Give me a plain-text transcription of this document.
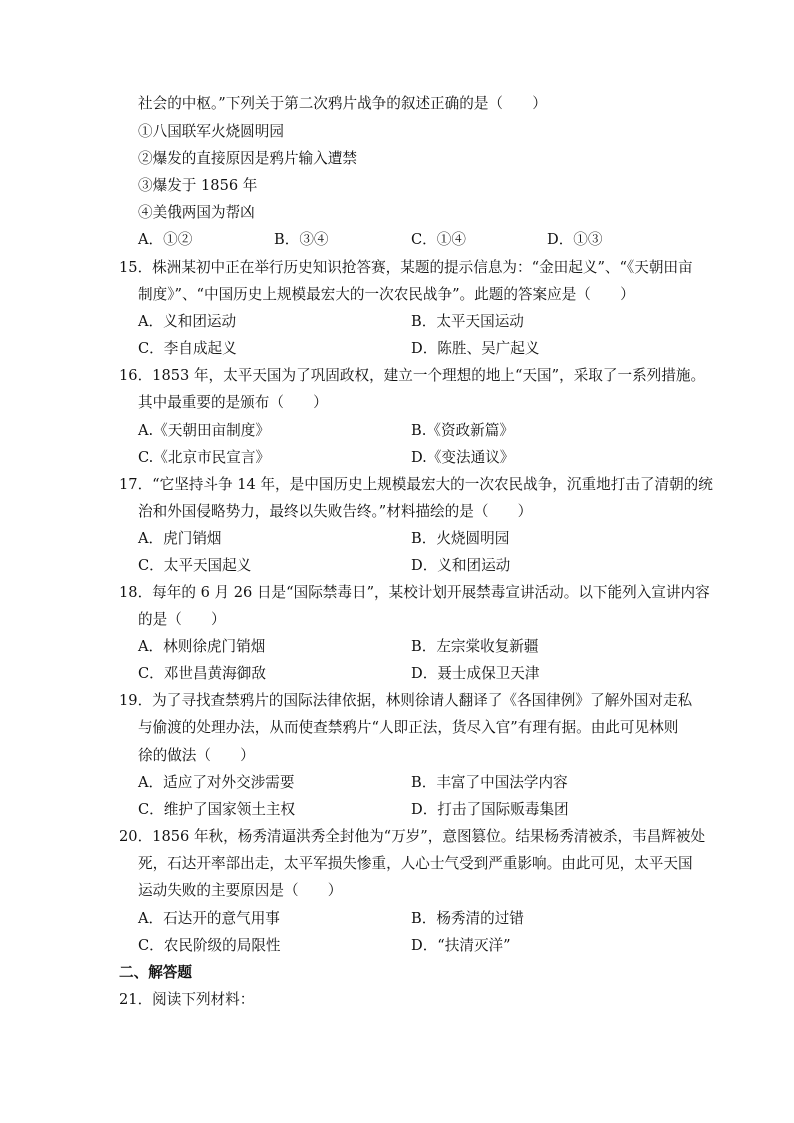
社会的中枢。”下列关于第二次鸦片战争的叙述正确的是（　　）
①八国联军火烧圆明园
②爆发的直接原因是鸦片输入遭禁
③爆发于 1856 年
④美俄两国为帮凶
A．①②	B．③④	C．①④	D．①③
15．株洲某初中正在举行历史知识抢答赛，某题的提示信息为：“金田起义”、“《天朝田亩
制度》”、“中国历史上规模最宏大的一次农民战争”。此题的答案应是（　　）
A．义和团运动	B．太平天国运动
C．李自成起义	D．陈胜、吴广起义
16．1853 年，太平天国为了巩固政权，建立一个理想的地上“天国”，采取了一系列措施。
其中最重要的是颁布（　　）
A.《天朝田亩制度》	B.《资政新篇》
C.《北京市民宣言》	D.《变法通议》
17．“它坚持斗争 14 年，是中国历史上规模最宏大的一次农民战争，沉重地打击了清朝的统
治和外国侵略势力，最终以失败告终。”材料描绘的是（　　）
A．虎门销烟	B．火烧圆明园
C．太平天国起义	D．义和团运动
18．每年的 6 月 26 日是“国际禁毒日”，某校计划开展禁毒宣讲活动。以下能列入宣讲内容
的是（　　）
A．林则徐虎门销烟	B．左宗棠收复新疆
C．邓世昌黄海御敌	D．聂士成保卫天津
19．为了寻找查禁鸦片的国际法律依据，林则徐请人翻译了《各国律例》了解外国对走私
与偷渡的处理办法，从而使查禁鸦片“人即正法，货尽入官”有理有据。由此可见林则
徐的做法（　　）
A．适应了对外交涉需要	B．丰富了中国法学内容
C．维护了国家领土主权	D．打击了国际贩毒集团
20．1856 年秋，杨秀清逼洪秀全封他为“万岁”，意图篡位。结果杨秀清被杀，韦昌辉被处
死，石达开率部出走，太平军损失惨重，人心士气受到严重影响。由此可见，太平天国
运动失败的主要原因是（　　）
A．石达开的意气用事	B．杨秀清的过错
C．农民阶级的局限性	D．“扶清灭洋”
二、解答题
21．阅读下列材料：
